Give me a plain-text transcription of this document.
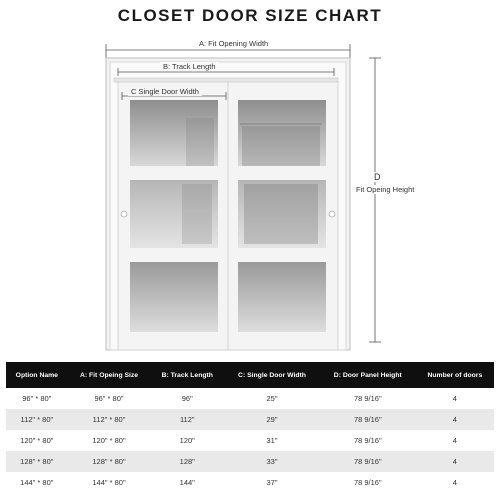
CLOSET DOOR SIZE CHART
A: Fit Opening Width
B: Track Length
C Single Door Width
D
Fit Opeing Height
Option Name	A: Fit Opeing Size	B: Track Length	C: Single Door Width	D: Door Panel Height	Number of doors
96" * 80"	96" * 80"	96"	25"	78 9/16"	4
112" * 80"	112" * 80"	112"	29"	78 9/16"	4
120" * 80"	120" * 80"	120"	31"	78 9/16"	4
128" * 80"	128" * 80"	128"	33"	78 9/16"	4
144" * 80"	144" * 80"	144"	37"	78 9/16"	4
